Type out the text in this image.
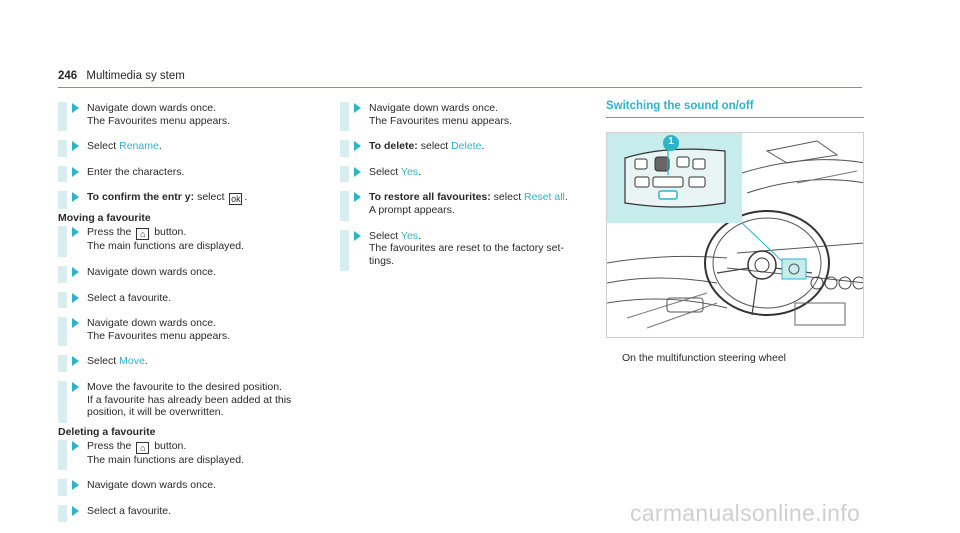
246 Multimedia sy stem
Navigate down wards once.
The Favourites menu appears.
Select Rename.
Enter the characters.
To confirm the entr y: select ok .
Moving a favourite
Press the ⌂ button.
The main functions are displayed.
Navigate down wards once.
Select a favourite.
Navigate down wards once.
The Favourites menu appears.
Select Move.
Move the favourite to the desired position.
If a favourite has already been added at this
position, it will be overwritten.
Deleting a favourite
Press the ⌂ button.
The main functions are displayed.
Navigate down wards once.
Select a favourite.
Navigate down wards once.
The Favourites menu appears.
To delete: select Delete.
Select Yes.
To restore all favourites: select Reset all.
A prompt appears.
Select Yes.
The favourites are reset to the factory set-
tings.
Switching the sound on/off
1
On the multifunction steering wheel
carmanualsonline.info
